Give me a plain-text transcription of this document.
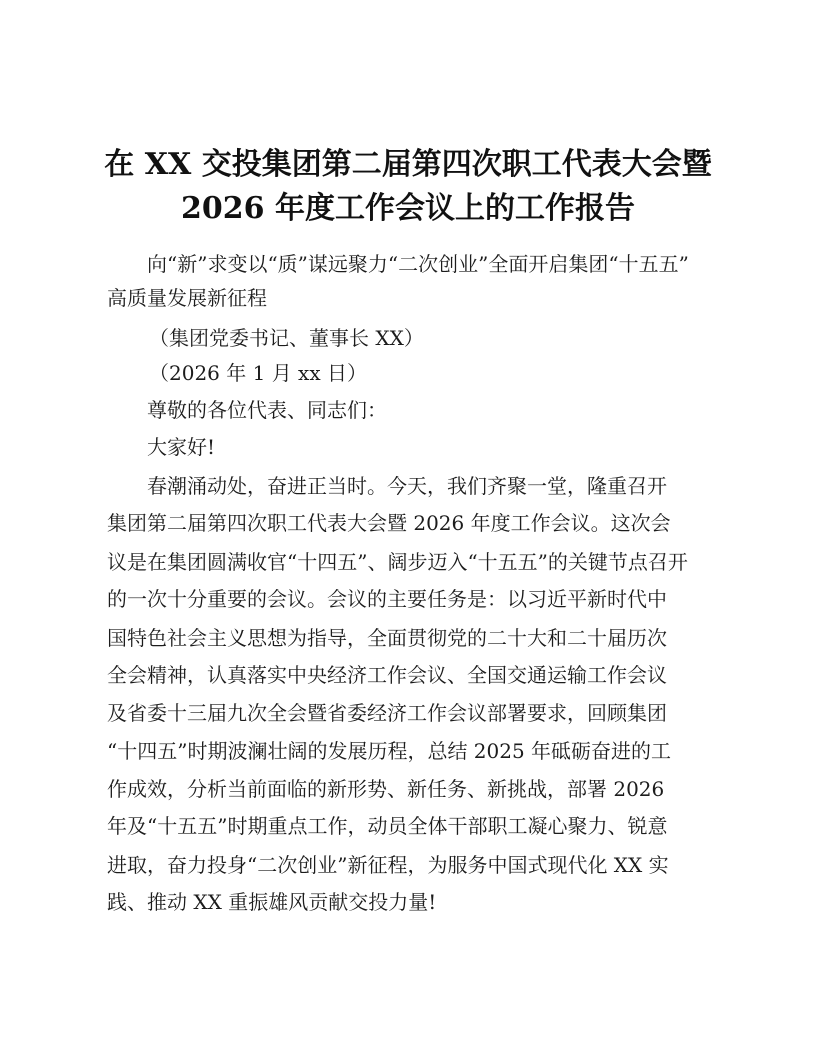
在 XX 交投集团第二届第四次职工代表大会暨
2026 年度工作会议上的工作报告
向“新”求变以“质”谋远聚力“二次创业”全面开启集团“十五五”
高质量发展新征程
（集团党委书记、董事长 XX）
（2026 年 1 月 xx 日）
尊敬的各位代表、同志们：
大家好!
春潮涌动处，奋进正当时。今天，我们齐聚一堂，隆重召开
集团第二届第四次职工代表大会暨 2026 年度工作会议。这次会
议是在集团圆满收官“十四五”、阔步迈入“十五五”的关键节点召开
的一次十分重要的会议。会议的主要任务是：以习近平新时代中
国特色社会主义思想为指导，全面贯彻党的二十大和二十届历次
全会精神，认真落实中央经济工作会议、全国交通运输工作会议
及省委十三届九次全会暨省委经济工作会议部署要求，回顾集团
“十四五”时期波澜壮阔的发展历程，总结 2025 年砥砺奋进的工
作成效，分析当前面临的新形势、新任务、新挑战，部署 2026
年及“十五五”时期重点工作，动员全体干部职工凝心聚力、锐意
进取，奋力投身“二次创业”新征程，为服务中国式现代化 XX 实
践、推动 XX 重振雄风贡献交投力量!
